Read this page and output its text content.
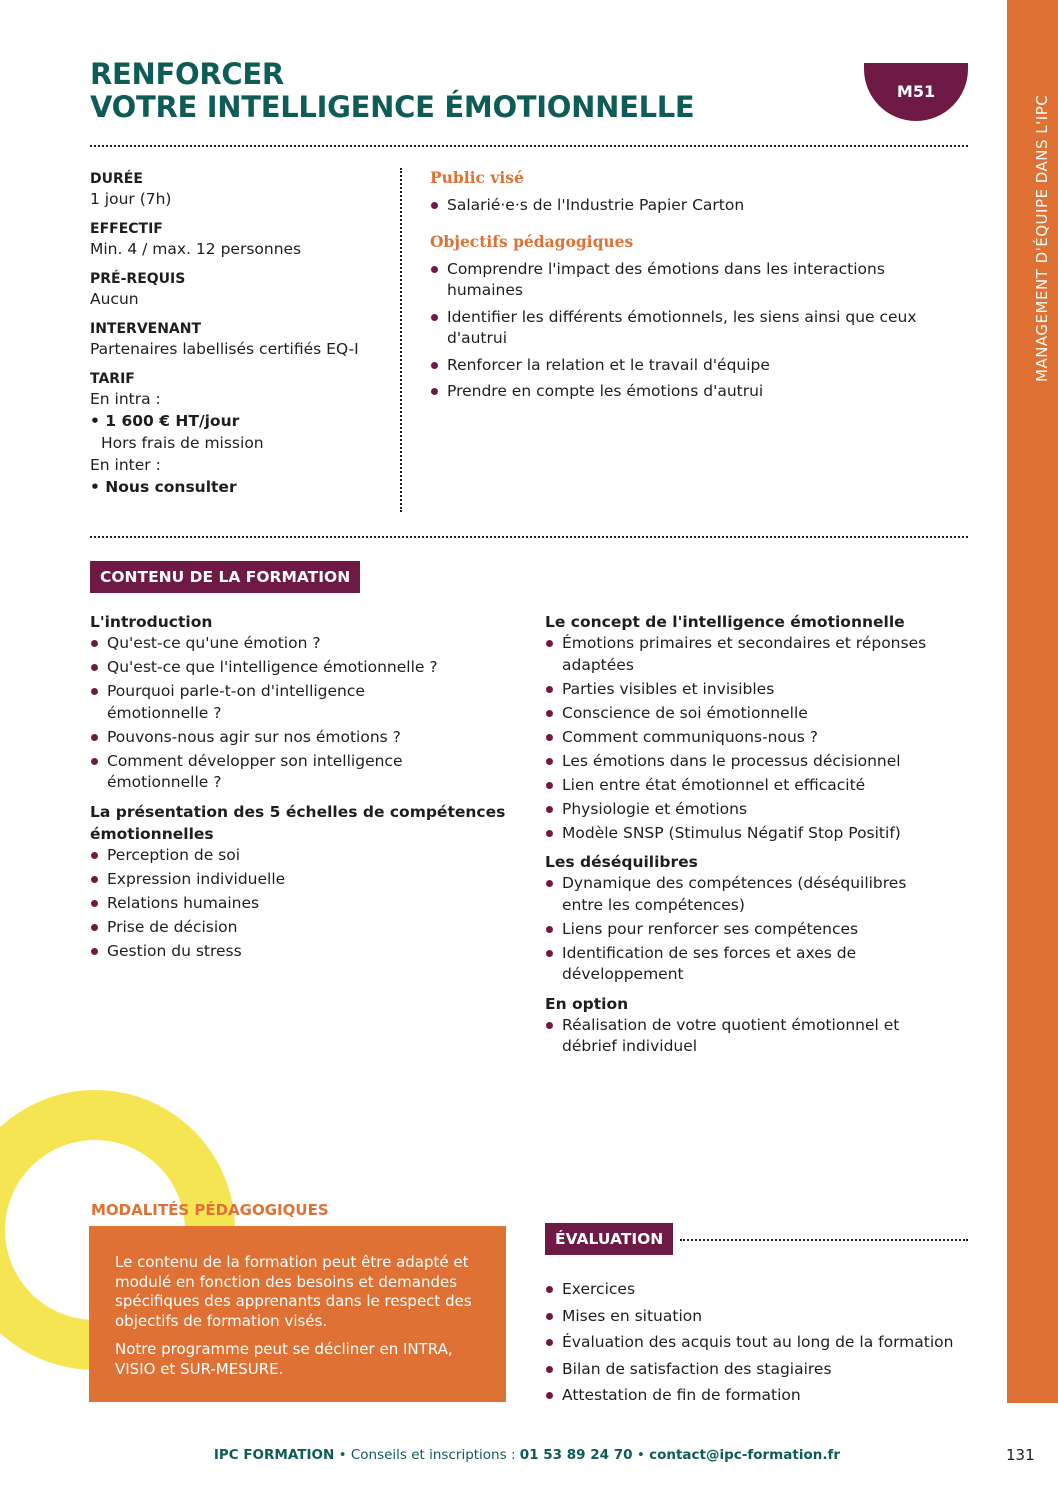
MANAGEMENT D'ÉQUIPE DANS L'IPC
RENFORCER
VOTRE INTELLIGENCE ÉMOTIONNELLE	M51
DURÉE
1 jour (7h)
EFFECTIF
Min. 4 / max. 12 personnes
PRÉ-REQUIS
Aucun
INTERVENANT
Partenaires labellisés certifiés EQ-I
TARIF
En intra :
• 1 600 € HT/jour
Hors frais de mission
En inter :
• Nous consulter
Public visé
Salarié·e·s de l'Industrie Papier Carton
Objectifs pédagogiques
Comprendre l'impact des émotions dans les interactions humaines
Identifier les différents émotionnels, les siens ainsi que ceux d'autrui
Renforcer la relation et le travail d'équipe
Prendre en compte les émotions d'autrui
CONTENU DE LA FORMATION
L'introduction
Qu'est-ce qu'une émotion ?
Qu'est-ce que l'intelligence émotionnelle ?
Pourquoi parle-t-on d'intelligence émotionnelle ?
Pouvons-nous agir sur nos émotions ?
Comment développer son intelligence émotionnelle ?
La présentation des 5 échelles de compétences émotionnelles
Perception de soi
Expression individuelle
Relations humaines
Prise de décision
Gestion du stress
Le concept de l'intelligence émotionnelle
Émotions primaires et secondaires et réponses adaptées
Parties visibles et invisibles
Conscience de soi émotionnelle
Comment communiquons-nous ?
Les émotions dans le processus décisionnel
Lien entre état émotionnel et efficacité
Physiologie et émotions
Modèle SNSP (Stimulus Négatif Stop Positif)
Les déséquilibres
Dynamique des compétences (déséquilibres entre les compétences)
Liens pour renforcer ses compétences
Identification de ses forces et axes de développement
En option
Réalisation de votre quotient émotionnel et débrief individuel
MODALITÉS PÉDAGOGIQUES

Le contenu de la formation peut être adapté et modulé en fonction des besoins et demandes spécifiques des apprenants dans le respect des objectifs de formation visés.

Notre programme peut se décliner en INTRA, VISIO et SUR-MESURE.

ÉVALUATION
Exercices
Mises en situation
Évaluation des acquis tout au long de la formation
Bilan de satisfaction des stagiaires
Attestation de fin de formation
IPC FORMATION • Conseils et inscriptions : 01 53 89 24 70 • contact@ipc-formation.fr	131
